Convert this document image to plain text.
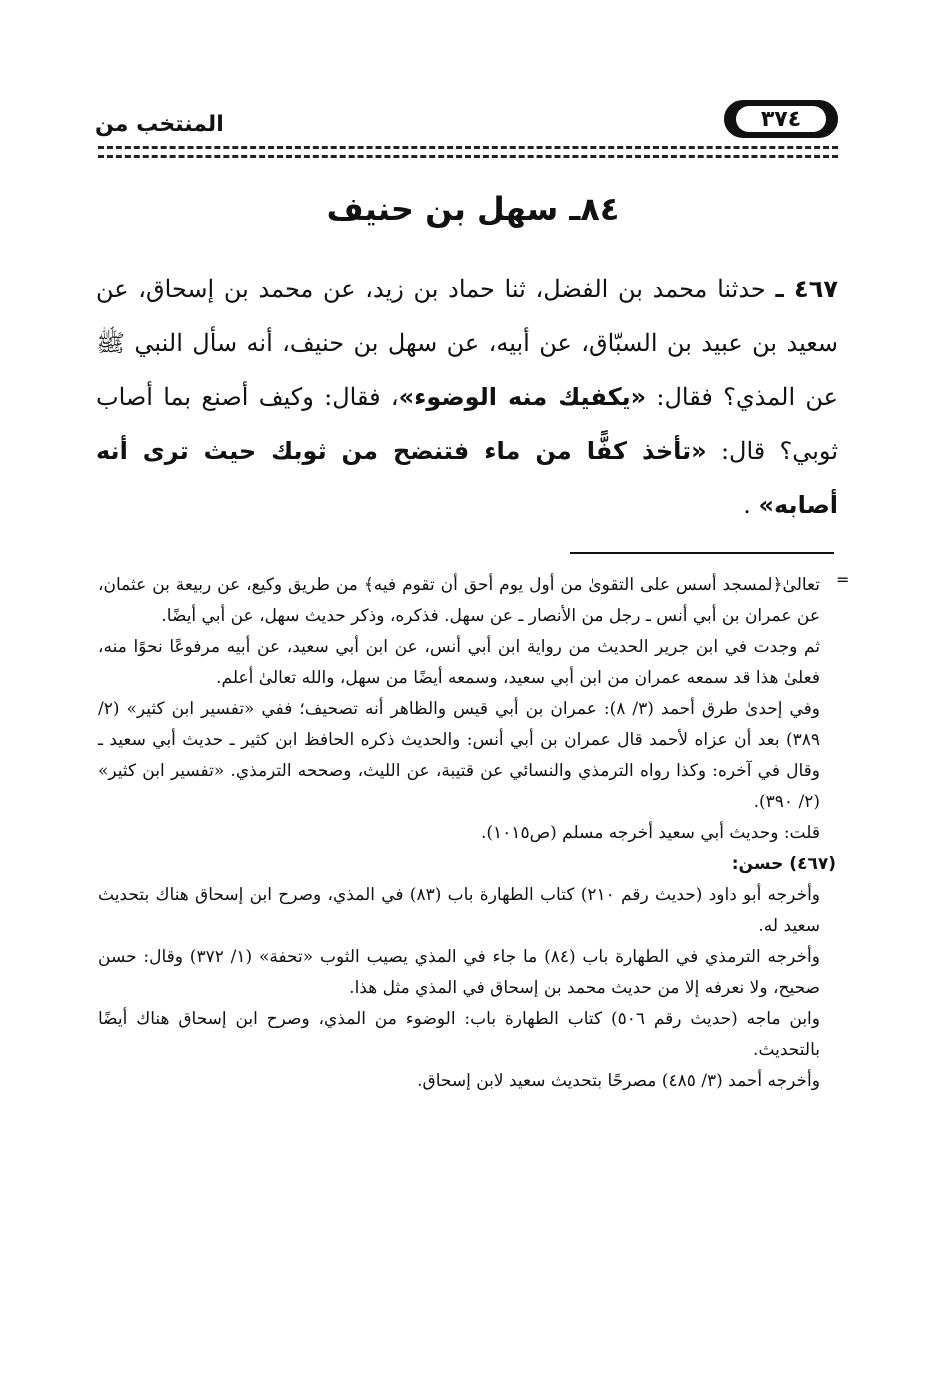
المنتخب من	٣٧٤
٨٤ـ سهل بن حنيف
٤٦٧ ـ حدثنا محمد بن الفضل، ثنا حماد بن زيد، عن محمد بن إسحاق، عن سعيد بن عبيد بن السبّاق، عن أبيه، عن سهل بن حنيف، أنه سأل النبي ﷺ عن المذي؟ فقال: «يكفيك منه الوضوء»، فقال: وكيف أصنع بما أصاب ثوبي؟ قال: «تأخذ كفًّا من ماء فتنضح من ثوبك حيث ترى أنه أصابه» .
=

تعالىٰ﴿لمسجد أسس على التقوىٰ من أول يوم أحق أن تقوم فيه﴾ من طريق وكيع، عن ربيعة بن عثمان، عن عمران بن أبي أنس ـ رجل من الأنصار ـ عن سهل. فذكره، وذكر حديث سهل، عن أبي أيضًا.

ثم وجدت في ابن جرير الحديث من رواية ابن أبي أنس، عن ابن أبي سعيد، عن أبيه مرفوعًا نحوًا منه، فعلىٰ هذا قد سمعه عمران من ابن أبي سعيد، وسمعه أيضًا من سهل، والله تعالىٰ أعلم.

وفي إحدىٰ طرق أحمد (٣/ ٨): عمران بن أبي قيس والظاهر أنه تصحيف؛ ففي «تفسير ابن كثير» (٢/ ٣٨٩) بعد أن عزاه لأحمد قال عمران بن أبي أنس: والحديث ذكره الحافظ ابن كثير ـ حديث أبي سعيد ـ وقال في آخره: وكذا رواه الترمذي والنسائي عن قتيبة، عن الليث، وصححه الترمذي. «تفسير ابن كثير» (٢/ ٣٩٠).

قلت: وحديث أبي سعيد أخرجه مسلم (ص١٠١٥).

(٤٦٧) حسن:

وأخرجه أبو داود (حديث رقم ٢١٠) كتاب الطهارة باب (٨٣) في المذي، وصرح ابن إسحاق هناك بتحديث سعيد له.

وأخرجه الترمذي في الطهارة باب (٨٤) ما جاء في المذي يصيب الثوب «تحفة» (١/ ٣٧٢) وقال: حسن صحيح، ولا نعرفه إلا من حديث محمد بن إسحاق في المذي مثل هذا.

وابن ماجه (حديث رقم ٥٠٦) كتاب الطهارة باب: الوضوء من المذي، وصرح ابن إسحاق هناك أيضًا بالتحديث.

وأخرجه أحمد (٣/ ٤٨٥) مصرحًا بتحديث سعيد لابن إسحاق.
